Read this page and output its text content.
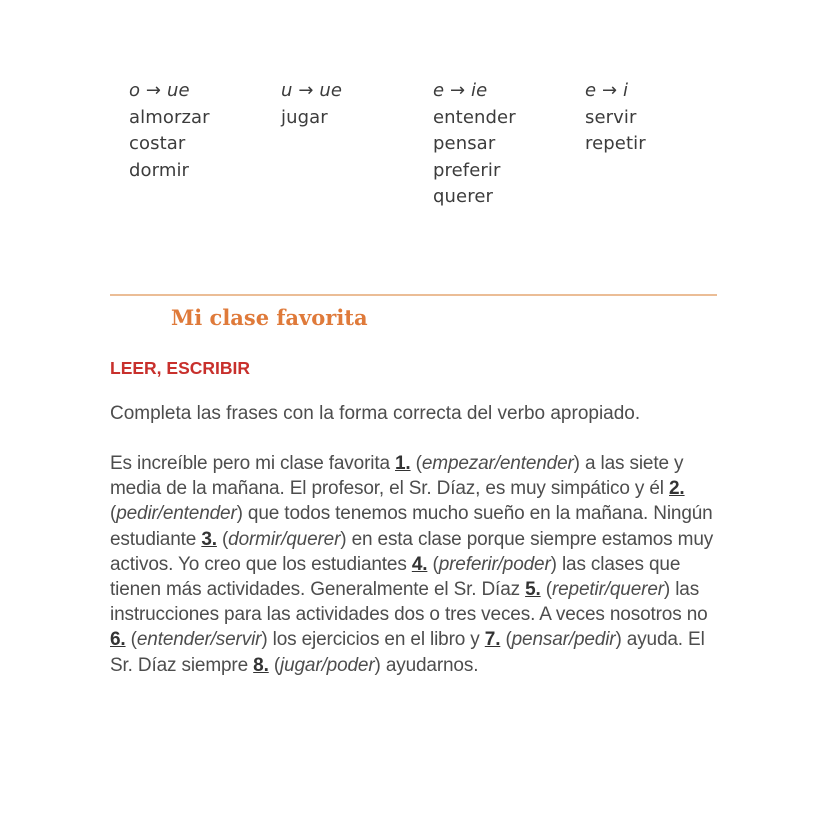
o → ue
almorzar
costar
dormir
u → ue
jugar
e → ie
entender
pensar
preferir
querer
e → i
servir
repetir
Mi clase favorita
LEER, ESCRIBIR

Completa las frases con la forma correcta del verbo apropiado.

Es increíble pero mi clase favorita 1. (empezar/entender) a las siete y media de la mañana. El profesor, el Sr. Díaz, es muy simpático y él 2. (pedir/entender) que todos tenemos mucho sueño en la mañana. Ningún estudiante 3. (dormir/querer) en esta clase porque siempre estamos muy activos. Yo creo que los estudiantes 4. (preferir/poder) las clases que tienen más actividades. Generalmente el Sr. Díaz 5. (repetir/querer) las instrucciones para las actividades dos o tres veces. A veces nosotros no 6. (entender/servir) los ejercicios en el libro y 7. (pensar/pedir) ayuda. El Sr. Díaz siempre 8. (jugar/poder) ayudarnos.
